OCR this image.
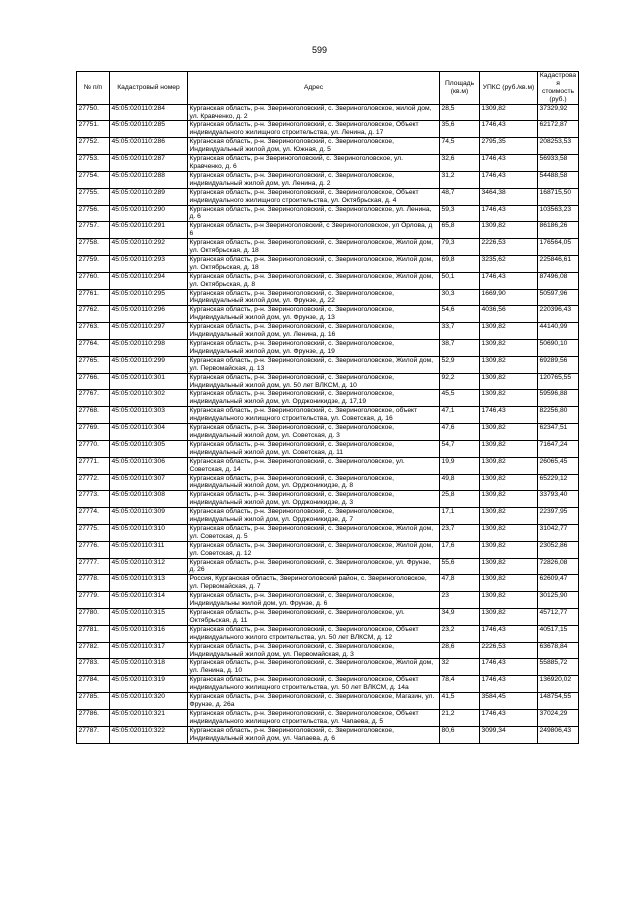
599
№ п/п	Кадастровый номер	Адрес	Площадь (кв.м)	УПКС (руб./кв.м)	Кадастровая стоимость (руб.)
27750.	45:05:020110:284	Курганская область, р-н. Звериноголовский, с. Звериноголовское, жилой дом, ул. Кравченко, д. 2	28,5	1309,82	37329,92
27751.	45:05:020110:285	Курганская область, р-н. Звериноголовский, с. Звериноголовское, Объект индивидуального жилищного строительства, ул. Ленина, д. 17	35,6	1746,43	62172,87
27752.	45:05:020110:286	Курганская область, р-н. Звериноголовский, с. Звериноголовское, Индивидуальный жилой дом, ул. Южная, д. 5	74,5	2795,35	208253,53
27753.	45:05:020110:287	Курганская область, р-н Звериноголовский, с. Звериноголовское, ул. Кравченко, д. 6	32,6	1746,43	56933,58
27754.	45:05:020110:288	Курганская область, р-н. Звериноголовский, с. Звериноголовское, индивидуальный жилой дом, ул. Ленина, д. 2	31,2	1746,43	54488,58
27755.	45:05:020110:289	Курганская область, р-н. Звериноголовский, с. Звериноголовское, Объект индивидуального жилищного строительства, ул. Октябрьская, д. 4	48,7	3464,38	168715,50
27756.	45:05:020110:290	Курганская область, р-н. Звериноголовский, с. Звериноголовское, ул. Ленина, д. 6	59,3	1746,43	103563,23
27757.	45:05:020110:291	Курганская область, р-н Звериноголовский, с Звериноголовское, ул Орлова, д 6	65,8	1309,82	86186,26
27758.	45:05:020110:292	Курганская область, р-н. Звериноголовский, с. Звериноголовское, Жилой дом, ул. Октябрьская, д. 18	79,3	2226,53	176564,05
27759.	45:05:020110:293	Курганская область, р-н. Звериноголовский, с. Звериноголовское, Жилой дом, ул. Октябрьская, д. 18	69,8	3235,62	225846,61
27760.	45:05:020110:294	Курганская область, р-н. Звериноголовский, с. Звериноголовское, Жилой дом, ул. Октябрьская, д. 8	50,1	1746,43	87496,08
27761.	45:05:020110:295	Курганская область, р-н. Звериноголовский, с. Звериноголовское, Индивидуальный жилой дом, ул. Фрунзе, д. 22	30,3	1669,90	50597,96
27762.	45:05:020110:296	Курганская область, р-н. Звериноголовский, с. Звериноголовское, Индивидуальный жилой дом, ул. Фрунзе, д. 13	54,6	4036,56	220396,43
27763.	45:05:020110:297	Курганская область, р-н. Звериноголовский, с. Звериноголовское, Индивидуальный жилой дом, ул. Ленина, д. 16	33,7	1309,82	44140,99
27764.	45:05:020110:298	Курганская область, р-н. Звериноголовский, с. Звериноголовское, Индивидуальный жилой дом, ул. Фрунзе, д. 19	38,7	1309,82	50690,10
27765.	45:05:020110:299	Курганская область, р-н. Звериноголовский, с. Звериноголовское, Жилой дом, ул. Первомайская, д. 13	52,9	1309,82	69289,56
27766.	45:05:020110:301	Курганская область, р-н. Звериноголовский, с. Звериноголовское, Индивидуальный жилой дом, ул. 50 лет ВЛКСМ, д. 10	92,2	1309,82	120765,55
27767.	45:05:020110:302	Курганская область, р-н. Звериноголовский, с. Звериноголовское, индивидуальный жилой дом, ул. Орджоникидзе, д. 17,19	45,5	1309,82	59596,88
27768.	45:05:020110:303	Курганская область, р-н. Звериноголовский, с. Звериноголовское, объект индивидуального жилищного строительства, ул. Советская, д. 16	47,1	1746,43	82256,80
27769.	45:05:020110:304	Курганская область, р-н. Звериноголовский, с. Звериноголовское, индивидуальный жилой дом, ул. Советская, д. 3	47,6	1309,82	62347,51
27770.	45:05:020110:305	Курганская область, р-н. Звериноголовский, с. Звериноголовское, индивидуальный жилой дом, ул. Советская, д. 11	54,7	1309,82	71647,24
27771.	45:05:020110:306	Курганская область, р-н. Звериноголовский, с. Звериноголовское, ул. Советская, д. 14	19,9	1309,82	26065,45
27772.	45:05:020110:307	Курганская область, р-н. Звериноголовский, с. Звериноголовское, индивидуальный жилой дом, ул. Орджоникидзе, д. 8	49,8	1309,82	65229,12
27773.	45:05:020110:308	Курганская область, р-н. Звериноголовский, с. Звериноголовское, индивидуальный жилой дом, ул. Орджоникидзе, д. 3	25,8	1309,82	33793,40
27774.	45:05:020110:309	Курганская область, р-н. Звериноголовский, с. Звериноголовское, индивидуальный жилой дом, ул. Орджоникидзе, д. 7	17,1	1309,82	22397,95
27775.	45:05:020110:310	Курганская область, р-н. Звериноголовский, с. Звериноголовское, Жилой дом, ул. Советская, д. 5	23,7	1309,82	31042,77
27776.	45:05:020110:311	Курганская область, р-н. Звериноголовский, с. Звериноголовское, Жилой дом, ул. Советская, д. 12	17,6	1309,82	23052,86
27777.	45:05:020110:312	Курганская область, р-н. Звериноголовский, с. Звериноголовское, ул. Фрунзе, д. 26	55,6	1309,82	72826,08
27778.	45:05:020110:313	Россия, Курганская область, Звериноголовский район, с. Звериноголовское, ул. Первомайская, д. 7	47,8	1309,82	62609,47
27779.	45:05:020110:314	Курганская область, р-н. Звериноголовский, с. Звериноголовское, Индивидуальны жилой дом, ул. Фрунзе, д. 6	23	1309,82	30125,90
27780.	45:05:020110:315	Курганская область, р-н. Звериноголовский, с. Звериноголовское, ул. Октябрьская, д. 11	34,9	1309,82	45712,77
27781.	45:05:020110:316	Курганская область, р-н. Звериноголовский, с. Звериноголовское, Объект индивидуального жилого строительства, ул. 50 лет ВЛКСМ, д. 12	23,2	1746,43	40517,15
27782.	45:05:020110:317	Курганская область, р-н. Звериноголовский, с. Звериноголовское, Индивидуальный жилой дом, ул. Первомайская, д. 3	28,6	2226,53	63678,84
27783.	45:05:020110:318	Курганская область, р-н. Звериноголовский, с. Звериноголовское, Жилой дом, ул. Ленина, д. 10	32	1746,43	55885,72
27784.	45:05:020110:319	Курганская область, р-н. Звериноголовский, с. Звериноголовское, Объект индивидуального жилищного строительства, ул. 50 лет ВЛКСМ, д. 14а	78,4	1746,43	136920,02
27785.	45:05:020110:320	Курганская область, р-н. Звериноголовский, с. Звериноголовское, Магазин, ул. Фрунзе, д. 26а	41,5	3584,45	148754,55
27786.	45:05:020110:321	Курганская область, р-н. Звериноголовский, с. Звериноголовское, Объект индивидуального жилищного строительства, ул. Чапаева, д. 5	21,2	1746,43	37024,29
27787.	45:05:020110:322	Курганская область, р-н. Звериноголовский, с. Звериноголовское, Индивидуальный жилой дом, ул. Чапаева, д. 6	80,6	3099,34	249806,43
